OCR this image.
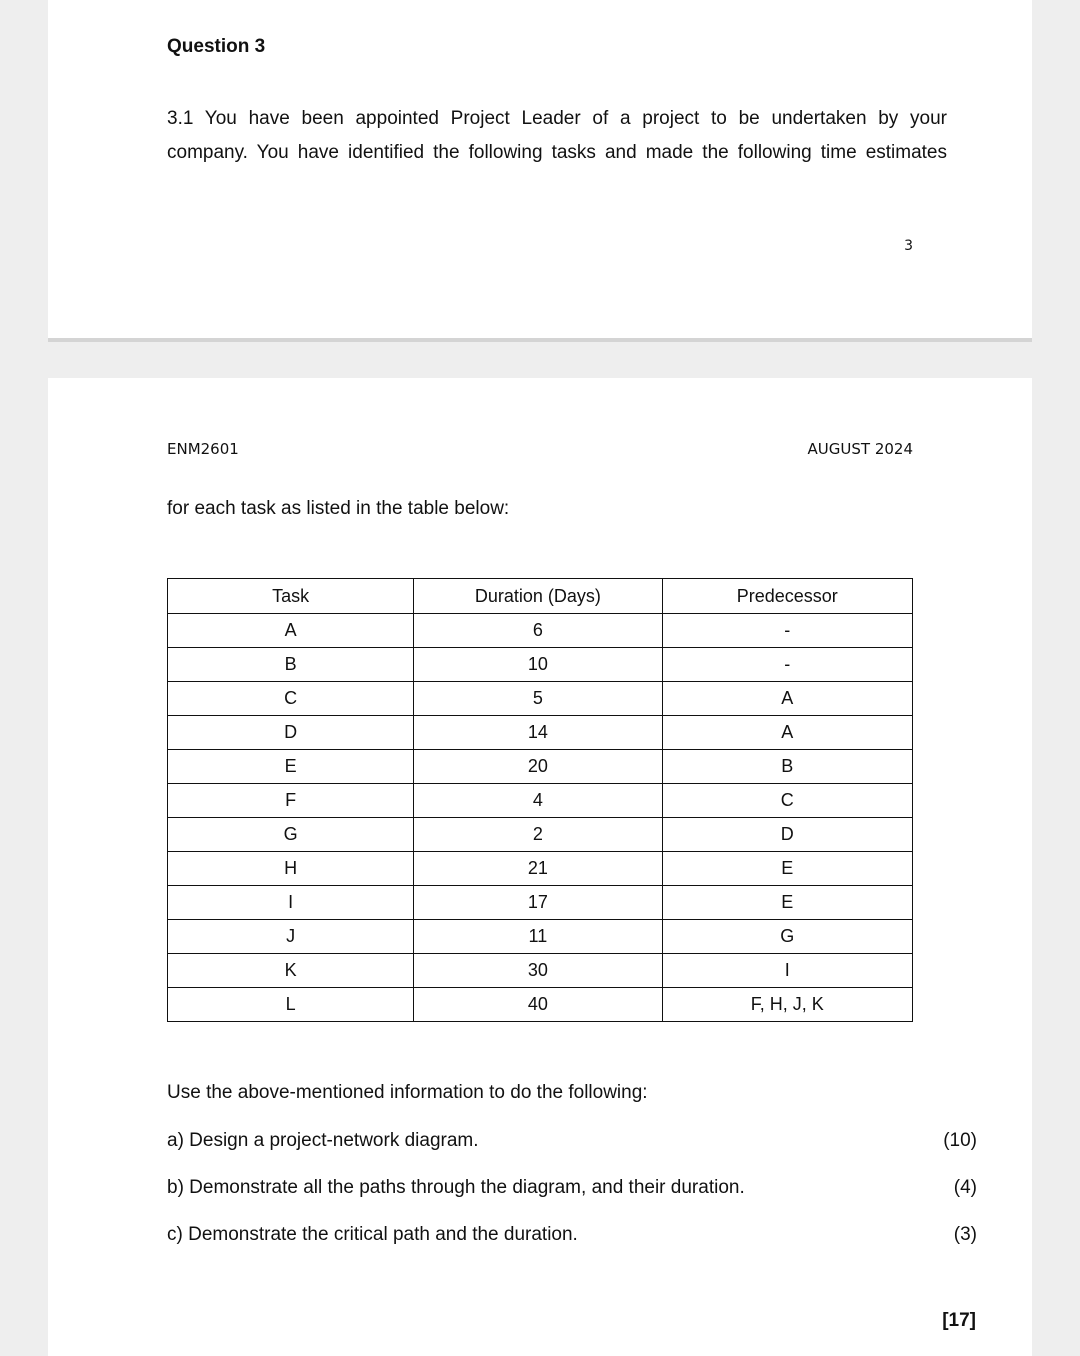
Question 3
3.1 You have been appointed Project Leader of a project to be undertaken by your
company. You have identified the following tasks and made the following time estimates
3
ENM2601	AUGUST 2024
for each task as listed in the table below:
Task	Duration (Days)	Predecessor
A	6	-
B	10	-
C	5	A
D	14	A
E	20	B
F	4	C
G	2	D
H	21	E
I	17	E
J	11	G
K	30	I
L	40	F, H, J, K
Use the above-mentioned information to do the following:
a) Design a project-network diagram.	(10)
b) Demonstrate all the paths through the diagram, and their duration.	(4)
c) Demonstrate the critical path and the duration.	(3)
[17]
